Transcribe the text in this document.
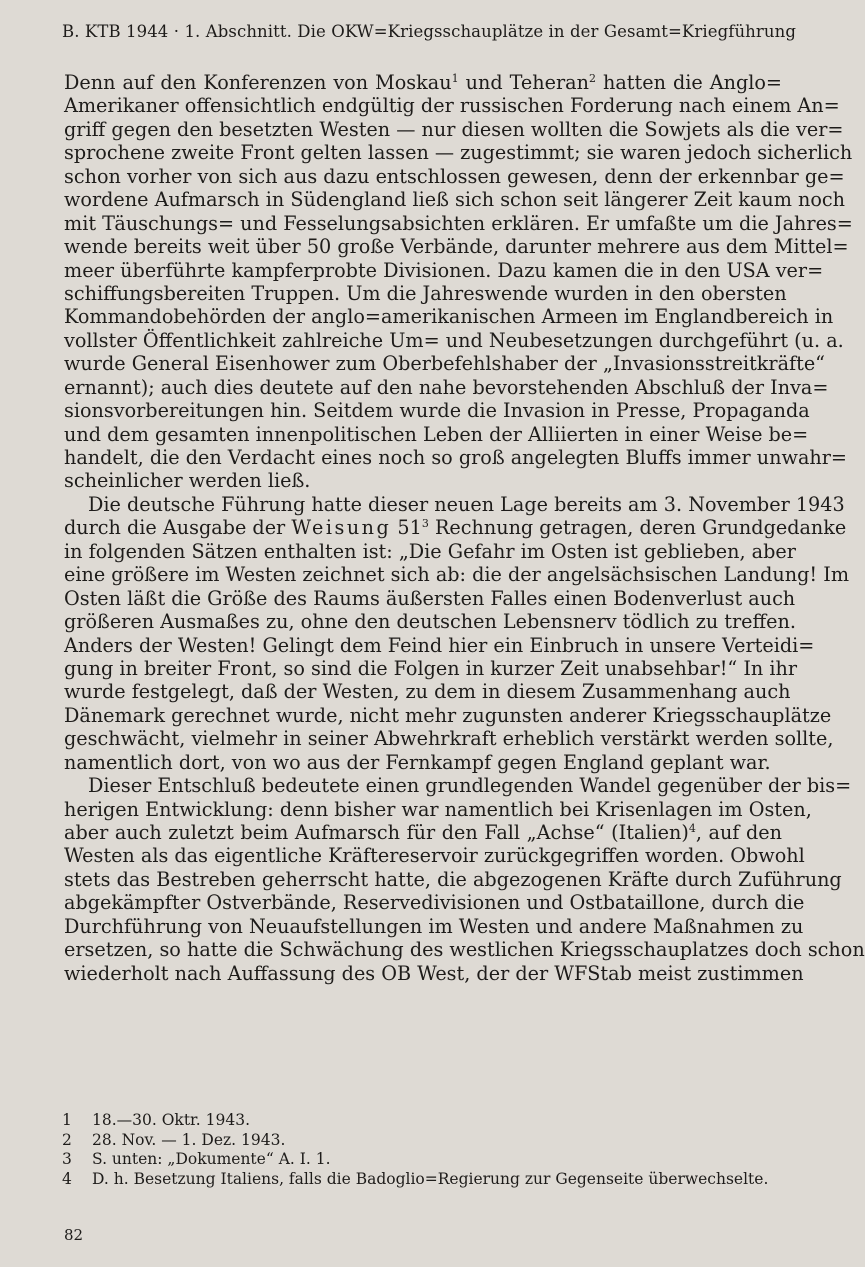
B. KTB 1944 · 1. Abschnitt. Die OKW=Kriegsschauplätze in der Gesamt=Kriegführung
Denn auf den Konferenzen von Moskau$^1$ und Teheran$^2$ hatten die Anglo=
Amerikaner offensichtlich endgültig der russischen Forderung nach einem An=
griff gegen den besetzten Westen — nur diesen wollten die Sowjets als die ver=
sprochene zweite Front gelten lassen — zugestimmt; sie waren jedoch sicherlich
schon vorher von sich aus dazu entschlossen gewesen, denn der erkennbar ge=
wordene Aufmarsch in Südengland ließ sich schon seit längerer Zeit kaum noch
mit Täuschungs= und Fesselungsabsichten erklären. Er umfaßte um die Jahres=
wende bereits weit über 50 große Verbände, darunter mehrere aus dem Mittel=
meer überführte kampferprobte Divisionen. Dazu kamen die in den USA ver=
schiffungsbereiten Truppen. Um die Jahreswende wurden in den obersten
Kommandobehörden der anglo=amerikanischen Armeen im Englandbereich in
vollster Öffentlichkeit zahlreiche Um= und Neubesetzungen durchgeführt (u. a.
wurde General Eisenhower zum Oberbefehlshaber der „Invasionsstreitkräfte“
ernannt); auch dies deutete auf den nahe bevorstehenden Abschluß der Inva=
sionsvorbereitungen hin. Seitdem wurde die Invasion in Presse, Propaganda
und dem gesamten innenpolitischen Leben der Alliierten in einer Weise be=
handelt, die den Verdacht eines noch so groß angelegten Bluffs immer unwahr=
scheinlicher werden ließ.
Die deutsche Führung hatte dieser neuen Lage bereits am 3. November 1943
durch die Ausgabe der Weisung $51^3$ Rechnung getragen, deren Grundgedanke
in folgenden Sätzen enthalten ist: „Die Gefahr im Osten ist geblieben, aber
eine größere im Westen zeichnet sich ab: die der angelsächsischen Landung! Im
Osten läßt die Größe des Raums äußersten Falles einen Bodenverlust auch
größeren Ausmaßes zu, ohne den deutschen Lebensnerv tödlich zu treffen.
Anders der Westen! Gelingt dem Feind hier ein Einbruch in unsere Verteidi=
gung in breiter Front, so sind die Folgen in kurzer Zeit unabsehbar!“ In ihr
wurde festgelegt, daß der Westen, zu dem in diesem Zusammenhang auch
Dänemark gerechnet wurde, nicht mehr zugunsten anderer Kriegsschauplätze
geschwächt, vielmehr in seiner Abwehrkraft erheblich verstärkt werden sollte,
namentlich dort, von wo aus der Fernkampf gegen England geplant war.
Dieser Entschluß bedeutete einen grundlegenden Wandel gegenüber der bis=
herigen Entwicklung: denn bisher war namentlich bei Krisenlagen im Osten,
aber auch zuletzt beim Aufmarsch für den Fall „Achse“ (Italien)$^4$, auf den
Westen als das eigentliche Kräftereservoir zurückgegriffen worden. Obwohl
stets das Bestreben geherrscht hatte, die abgezogenen Kräfte durch Zuführung
abgekämpfter Ostverbände, Reservedivisionen und Ostbataillone, durch die
Durchführung von Neuaufstellungen im Westen und andere Maßnahmen zu
ersetzen, so hatte die Schwächung des westlichen Kriegsschauplatzes doch schon
wiederholt nach Auffassung des OB West, der der WFStab meist zustimmen
1 18.—30. Oktr. 1943.
2 28. Nov. — 1. Dez. 1943.
3 S. unten: „Dokumente“ A. I. 1.
4 D. h. Besetzung Italiens, falls die Badoglio=Regierung zur Gegenseite überwechselte.
82
